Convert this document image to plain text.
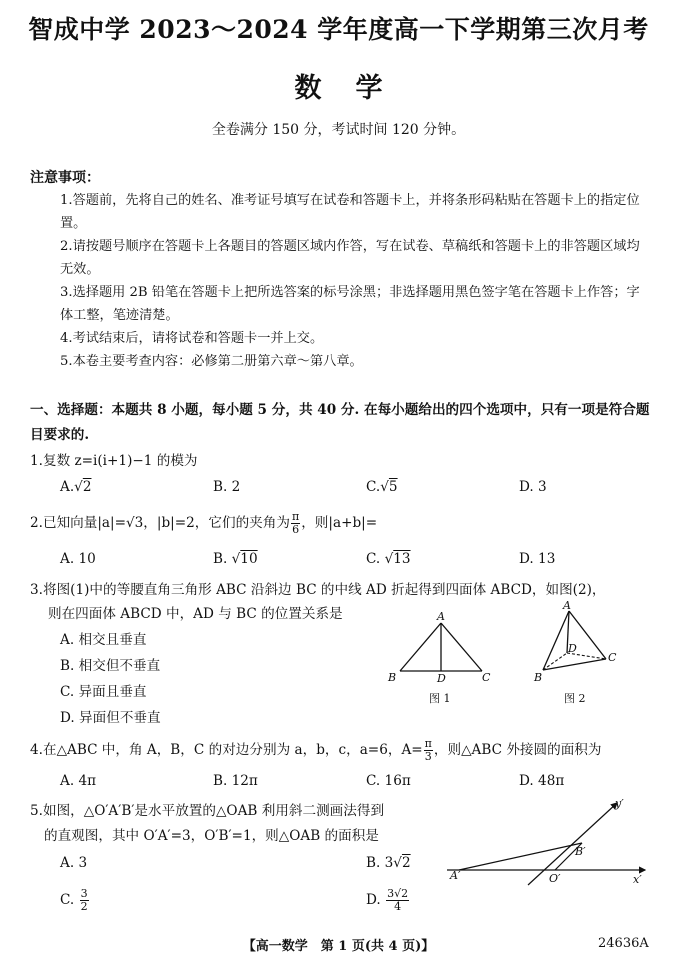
智成中学 2023～2024 学年度高一下学期第三次月考
数学
全卷满分 150 分，考试时间 120 分钟。
注意事项：
1.答题前，先将自己的姓名、准考证号填写在试卷和答题卡上，并将条形码粘贴在答题卡上的指定位置。
2.请按题号顺序在答题卡上各题目的答题区域内作答，写在试卷、草稿纸和答题卡上的非答题区域均无效。
3.选择题用 2B 铅笔在答题卡上把所选答案的标号涂黑；非选择题用黑色签字笔在答题卡上作答；字体工整，笔迹清楚。
4.考试结束后，请将试卷和答题卡一并上交。
5.本卷主要考查内容：必修第二册第六章～第八章。
一、选择题：本题共 8 小题，每小题 5 分，共 40 分. 在每小题给出的四个选项中，只有一项是符合题目要求的.
1.复数 z=i(i+1)−1 的模为
A.√2	B. 2	C.√5	D. 3
2.已知向量|a|=√3，|b|=2，它们的夹角为 $\frac{\pi}{6}$ ，则|a+b|=
A. 10	B. √10	C. √13	D. 13
3.将图(1)中的等腰直角三角形 ABC 沿斜边 BC 的中线 AD 折起得到四面体 ABCD，如图(2)，
则在四面体 ABCD 中，AD 与 BC 的位置关系是
A. 相交且垂直
B. 相交但不垂直
C. 异面且垂直
D. 异面但不垂直
A
B	D	C
图 1
A
D
C
B
图 2
4.在△ABC 中，角 A，B，C 的对边分别为 a，b，c，a=6，$A= \frac{\pi}{3}$ ，则△ABC 外接圆的面积为
A. 4π	B. 12π	C. 16π	D. 48π
5.如图，△O′A′B′是水平放置的△OAB 利用斜二测画法得到
的直观图，其中 O′A′=3，O′B′=1，则△OAB 的面积是
A. 3	B. 3√2
C. $\frac{3}{2}$	D. $\frac{3√2}{4}$
y′
B′
A′	O′	x′
【高一数学　第 1 页(共 4 页)】	24636A
